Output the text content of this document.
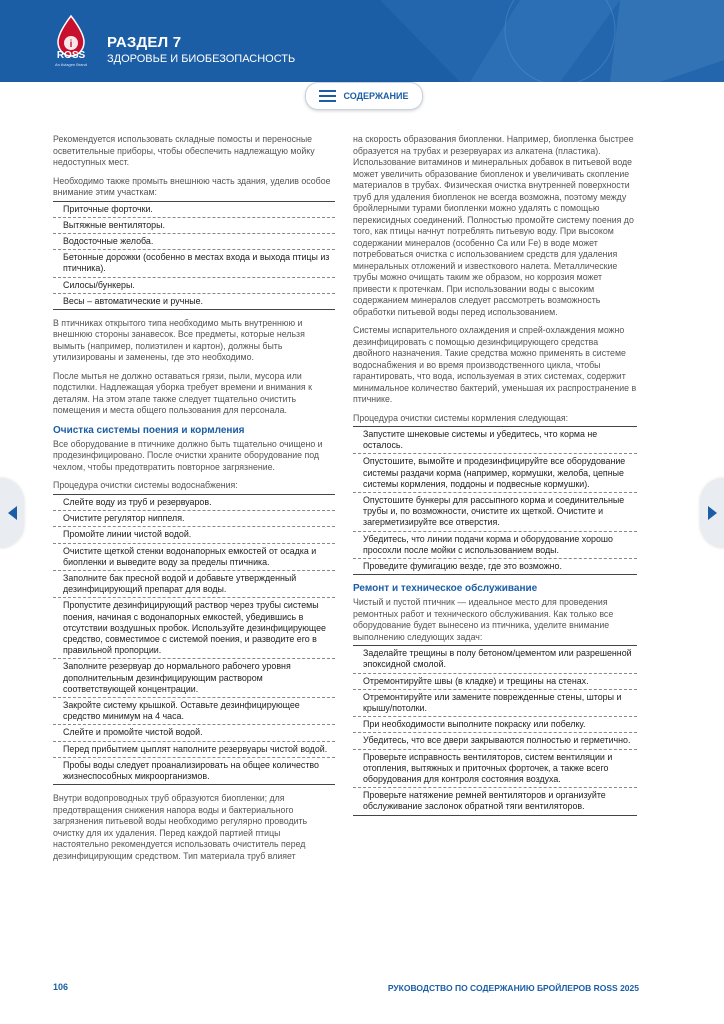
i
ROSS
An Aviagen Brand
РАЗДЕЛ 7
ЗДОРОВЬЕ И БИОБЕЗОПАСНОСТЬ
СОДЕРЖАНИЕ

Рекомендуется использовать складные помосты и переносные осветительные приборы, чтобы обеспечить надлежащую мойку недоступных мест.

Необходимо также промыть внешнюю часть здания, уделив особое внимание этим участкам:

Приточные форточки.
Вытяжные вентиляторы.
Водосточные желоба.
Бетонные дорожки (особенно в местах входа и выхода птицы из птичника).
Силосы/бункеры.
Весы – автоматические и ручные.

В птичниках открытого типа необходимо мыть внутреннюю и внешнюю стороны занавесок. Все предметы, которые нельзя вымыть (например, полиэтилен и картон), должны быть утилизированы и заменены, где это необходимо.

После мытья не должно оставаться грязи, пыли, мусора или подстилки. Надлежащая уборка требует времени и внимания к деталям. На этом этапе также следует тщательно очистить помещения и места общего пользования для персонала.

Очистка системы поения и кормления

Все оборудование в птичнике должно быть тщательно очищено и продезинфицировано. После очистки храните оборудование под чехлом, чтобы предотвратить повторное загрязнение.

Процедура очистки системы водоснабжения:

Слейте воду из труб и резервуаров.
Очистите регулятор ниппеля.
Промойте линии чистой водой.
Очистите щеткой стенки водонапорных емкостей от осадка и биопленки и выведите воду за пределы птичника.
Заполните бак пресной водой и добавьте утвержденный дезинфицирующий препарат для воды.
Пропустите дезинфицирующий раствор через трубы системы поения, начиная с водонапорных емкостей, убедившись в отсутствии воздушных пробок. Используйте дезинфицирующее средство, совместимое с системой поения, и разводите его в правильной пропорции.
Заполните резервуар до нормального рабочего уровня дополнительным дезинфицирующим раствором соответствующей концентрации.
Закройте систему крышкой. Оставьте дезинфицирующее средство минимум на 4 часа.
Слейте и промойте чистой водой.
Перед прибытием цыплят наполните резервуары чистой водой.
Пробы воды следует проанализировать на общее количество жизнеспособных микроорганизмов.

Внутри водопроводных труб образуются биопленки; для предотвращения снижения напора воды и бактериального загрязнения питьевой воды необходимо регулярно проводить очистку для их удаления. Перед каждой партией птицы настоятельно рекомендуется использовать очиститель перед дезинфицирующим средством. Тип материала труб влияет

на скорость образования биопленки. Например, биопленка быстрее образуется на трубах и резервуарах из алкатена (пластика). Использование витаминов и минеральных добавок в питьевой воде может увеличить образование биопленок и увеличивать скопление материалов в трубах. Физическая очистка внутренней поверхности труб для удаления биопленок не всегда возможна, поэтому между бройлерными турами биопленки можно удалять с помощью перекисидных соединений. Полностью промойте систему поения до того, как птицы начнут потреблять питьевую воду. При высоком содержании минералов (особенно Ca или Fe) в воде может потребоваться очистка с использованием средств для удаления минеральных отложений и известкового налета. Металлические трубы можно очищать таким же образом, но коррозия может привести к протечкам. При использовании воды с высоким содержанием минералов следует рассмотреть возможность обработки питьевой воды перед использованием.

Системы испарительного охлаждения и спрей-охлаждения можно дезинфицировать с помощью дезинфицирующего средства двойного назначения. Такие средства можно применять в системе водоснабжения и во время производственного цикла, чтобы гарантировать, что вода, используемая в этих системах, содержит минимальное количество бактерий, уменьшая их распространение в птичнике.

Процедура очистки системы кормления следующая:

Запустите шнековые системы и убедитесь, что корма не осталось.
Опустошите, вымойте и продезинфицируйте все оборудование системы раздачи корма (например, кормушки, желоба, цепные системы кормления, поддоны и подвесные кормушки).
Опустошите бункеры для рассыпного корма и соединительные трубы и, по возможности, очистите их щеткой. Очистите и загерметизируйте все отверстия.
Убедитесь, что линии подачи корма и оборудование хорошо просохли после мойки с использованием воды.
Проведите фумигацию везде, где это возможно.
Ремонт и техническое обслуживание

Чистый и пустой птичник — идеальное место для проведения ремонтных работ и технического обслуживания. Как только все оборудование будет вынесено из птичника, уделите внимание выполнению следующих задач:

Заделайте трещины в полу бетоном/цементом или разрешенной эпоксидной смолой.
Отремонтируйте швы (в кладке) и трещины на стенах.
Отремонтируйте или замените поврежденные стены, шторы и крышу/потолки.
При необходимости выполните покраску или побелку.
Убедитесь, что все двери закрываются полностью и герметично.
Проверьте исправность вентиляторов, систем вентиляции и отопления, вытяжных и приточных форточек, а также всего оборудования для контроля состояния воздуха.
Проверьте натяжение ремней вентиляторов и организуйте обслуживание заслонок обратной тяги вентиляторов.
106	РУКОВОДСТВО ПО СОДЕРЖАНИЮ БРОЙЛЕРОВ ROSS 2025
